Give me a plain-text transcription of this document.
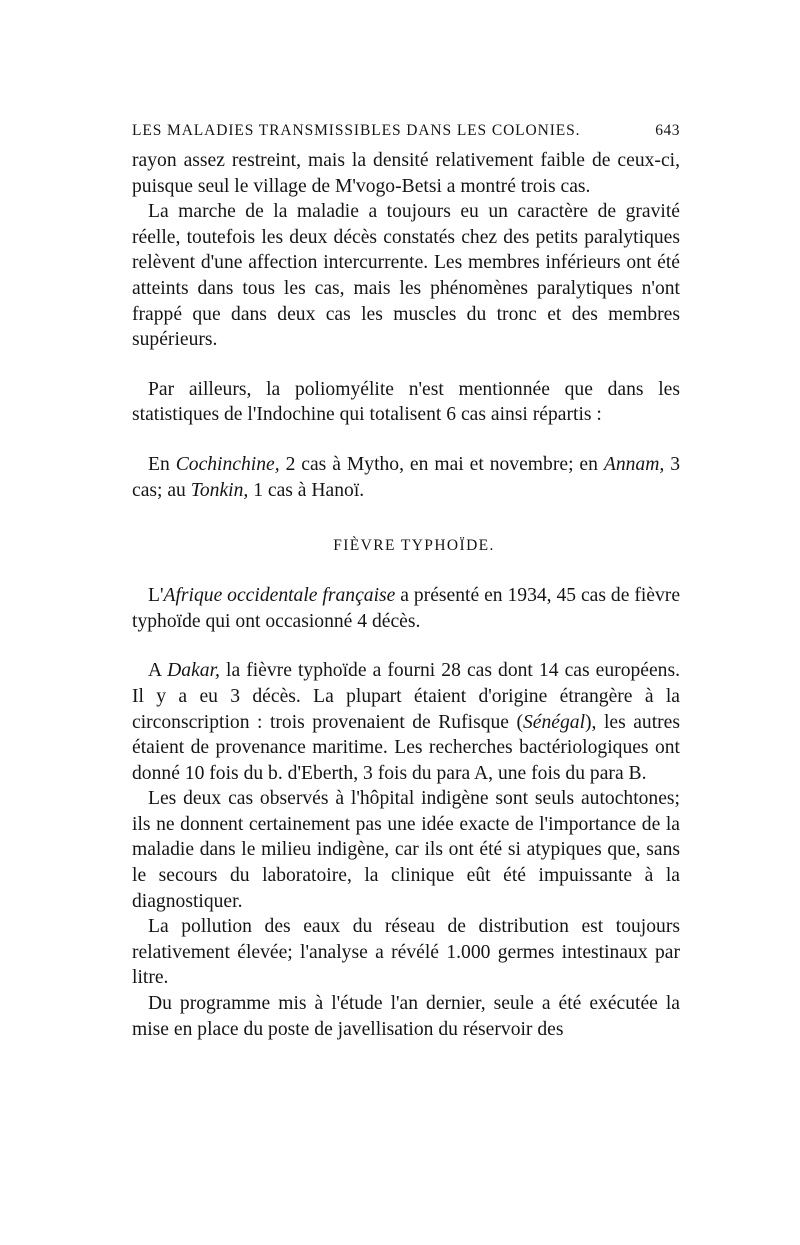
LES MALADIES TRANSMISSIBLES DANS LES COLONIES.	643

rayon assez restreint, mais la densité relativement faible de ceux-ci, puisque seul le village de M'vogo-Betsi a montré trois cas.

La marche de la maladie a toujours eu un caractère de gravité réelle, toutefois les deux décès constatés chez des petits paralytiques relèvent d'une affection intercurrente. Les membres inférieurs ont été atteints dans tous les cas, mais les phénomènes paralytiques n'ont frappé que dans deux cas les muscles du tronc et des membres supérieurs.

Par ailleurs, la poliomyélite n'est mentionnée que dans les statistiques de l'Indochine qui totalisent 6 cas ainsi répartis :

En Cochinchine, 2 cas à Mytho, en mai et novembre; en Annam, 3 cas; au Tonkin, 1 cas à Hanoï.

FIÈVRE TYPHOÏDE.

L'Afrique occidentale française a présenté en 1934, 45 cas de fièvre typhoïde qui ont occasionné 4 décès.

A Dakar, la fièvre typhoïde a fourni 28 cas dont 14 cas européens. Il y a eu 3 décès. La plupart étaient d'origine étrangère à la circonscription : trois provenaient de Rufisque (Sénégal), les autres étaient de provenance maritime. Les recherches bactériologiques ont donné 10 fois du b. d'Eberth, 3 fois du para A, une fois du para B.

Les deux cas observés à l'hôpital indigène sont seuls autochtones; ils ne donnent certainement pas une idée exacte de l'importance de la maladie dans le milieu indigène, car ils ont été si atypiques que, sans le secours du laboratoire, la clinique eût été impuissante à la diagnostiquer.

La pollution des eaux du réseau de distribution est toujours relativement élevée; l'analyse a révélé 1.000 germes intestinaux par litre.

Du programme mis à l'étude l'an dernier, seule a été exécutée la mise en place du poste de javellisation du réservoir des
